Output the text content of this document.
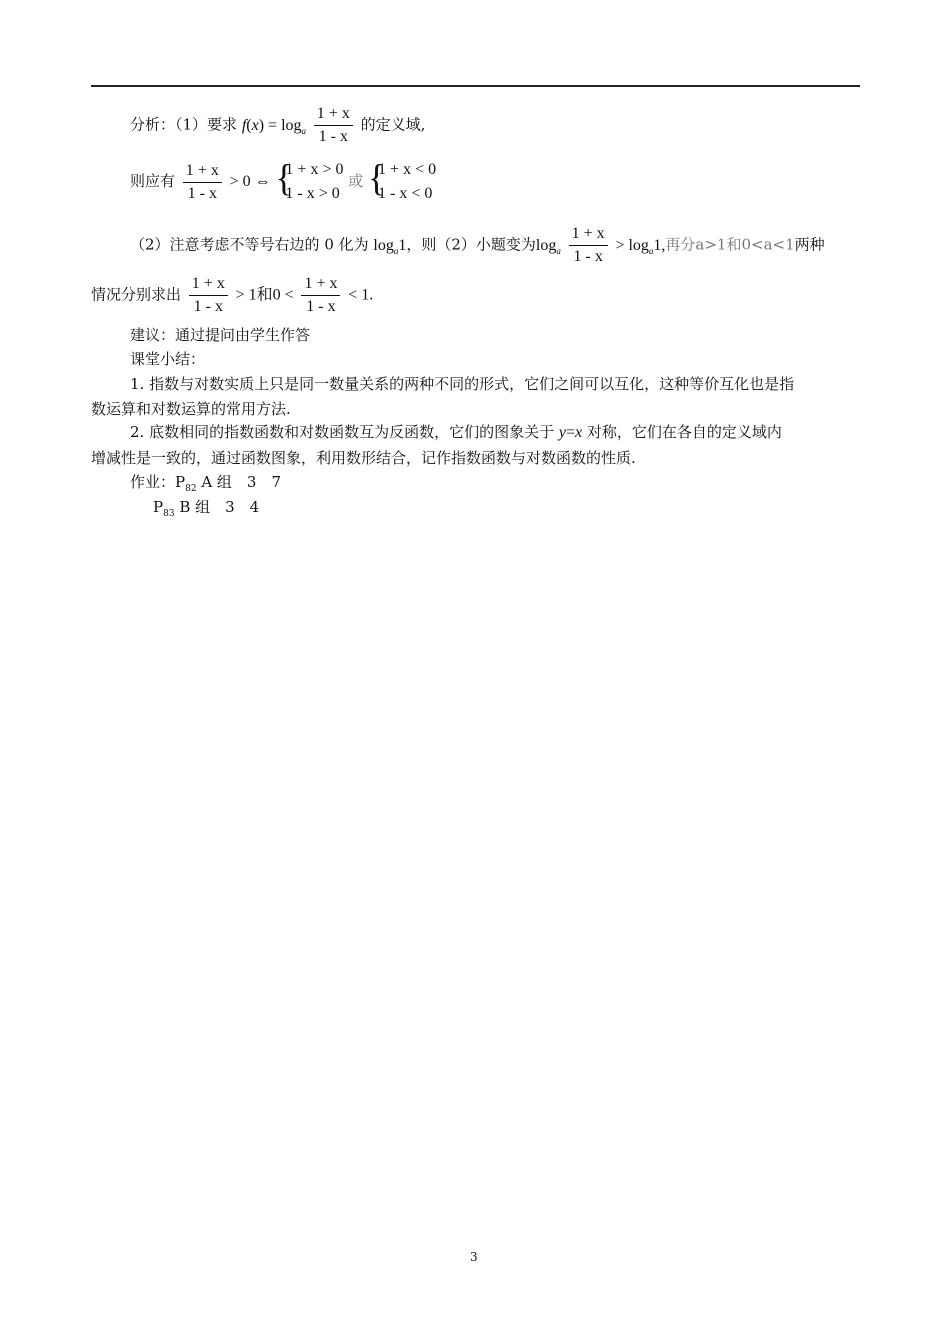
分析：（1）要求 $f(x) = \log_a \frac{1 + x}{1 - x}$ 的定义域,
则应有 $\frac{1 + x}{1 - x} > 0$ ⇔ {
1 + x > 0
1 - x > 0
或 {
1 + x < 0
1 - x < 0
（2）注意考虑不等号右边的 0 化为 $\log_a1$，则（2）小题变为$\log_a \frac{1 + x}{1 - x} > \log_a1$,再分a>1和0<a<1两种
情况分别求出 $\frac{1 + x}{1 - x} > 1$和$0 < \frac{1 + x}{1 - x} < 1$.
建议：通过提问由学生作答
课堂小结：
1. 指数与对数实质上只是同一数量关系的两种不同的形式，它们之间可以互化，这种等价互化也是指
数运算和对数运算的常用方法.
2. 底数相同的指数函数和对数函数互为反函数，它们的图象关于 y=x 对称，它们在各自的定义域内
增减性是一致的，通过函数图象，利用数形结合，记作指数函数与对数函数的性质.
作业：$P_{82}$ A 组　3　7
$P_{83}$ B 组　3　4
3
